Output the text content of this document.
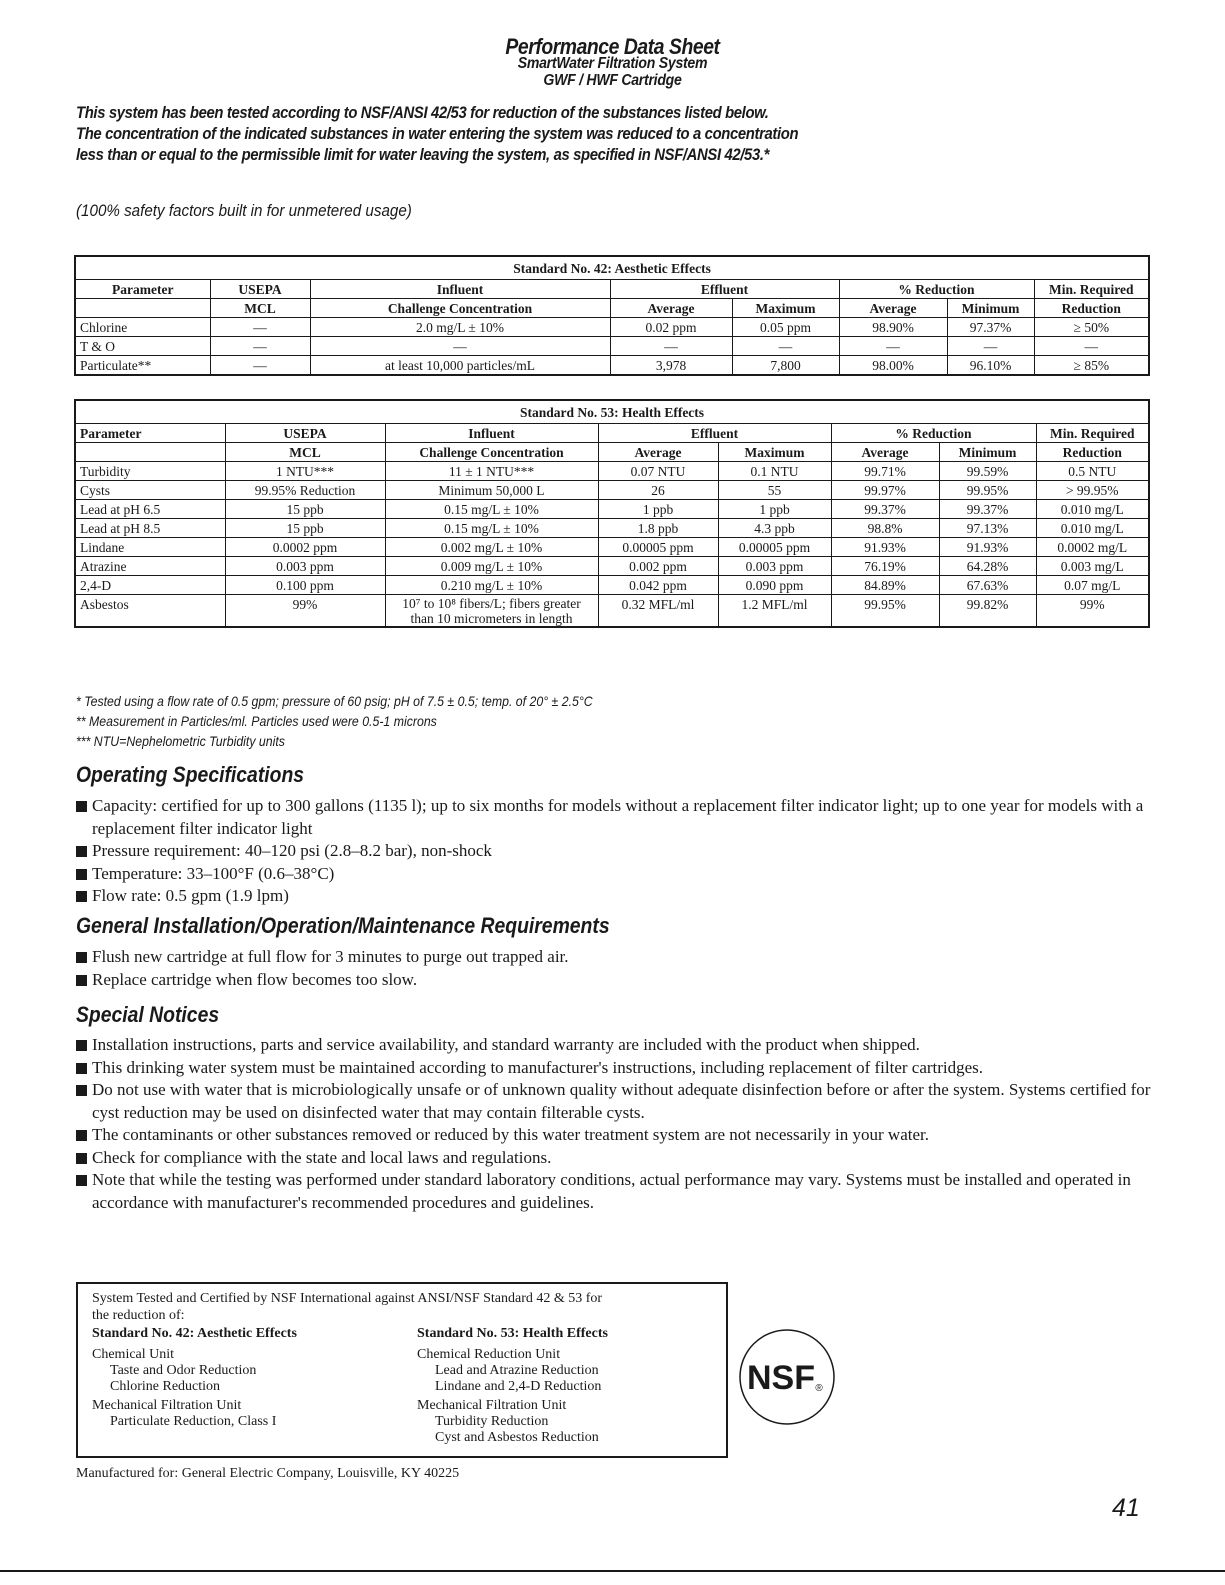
Performance Data Sheet
SmartWater Filtration System
GWF / HWF Cartridge
This system has been tested according to NSF/ANSI 42/53 for reduction of the substances listed below.
The concentration of the indicated substances in water entering the system was reduced to a concentration
less than or equal to the permissible limit for water leaving the system, as specified in NSF/ANSI 42/53.*
(100% safety factors built in for unmetered usage)
Standard No. 42: Aesthetic Effects							
Parameter	USEPA	Influent	Effluent		% Reduction		Min. Required
	MCL	Challenge Concentration	Average	Maximum	Average	Minimum	Reduction
Chlorine	—	2.0 mg/L ± 10%	0.02 ppm	0.05 ppm	98.90%	97.37%	≥ 50%
T & O	—	—	—	—	—	—	—
Particulate**	—	at least 10,000 particles/mL	3,978	7,800	98.00%	96.10%	≥ 85%
Standard No. 53: Health Effects							
Parameter	USEPA	Influent	Effluent		% Reduction		Min. Required
	MCL	Challenge Concentration	Average	Maximum	Average	Minimum	Reduction
Turbidity	1 NTU***	11 ± 1 NTU***	0.07 NTU	0.1 NTU	99.71%	99.59%	0.5 NTU
Cysts	99.95% Reduction	Minimum 50,000 L	26	55	99.97%	99.95%	> 99.95%
Lead at pH 6.5	15 ppb	0.15 mg/L ± 10%	1 ppb	1 ppb	99.37%	99.37%	0.010 mg/L
Lead at pH 8.5	15 ppb	0.15 mg/L ± 10%	1.8 ppb	4.3 ppb	98.8%	97.13%	0.010 mg/L
Lindane	0.0002 ppm	0.002 mg/L ± 10%	0.00005 ppm	0.00005 ppm	91.93%	91.93%	0.0002 mg/L
Atrazine	0.003 ppm	0.009 mg/L ± 10%	0.002 ppm	0.003 ppm	76.19%	64.28%	0.003 mg/L
2,4-D	0.100 ppm	0.210 mg/L ± 10%	0.042 ppm	0.090 ppm	84.89%	67.63%	0.07 mg/L
Asbestos	99%	10⁷ to 10⁸ fibers/L; fibers greater than 10 micrometers in length	0.32 MFL/ml	1.2 MFL/ml	99.95%	99.82%	99%
* Tested using a flow rate of 0.5 gpm; pressure of 60 psig; pH of 7.5 ± 0.5; temp. of 20° ± 2.5°C
** Measurement in Particles/ml. Particles used were 0.5-1 microns
*** NTU=Nephelometric Turbidity units
Operating Specifications
Capacity: certified for up to 300 gallons (1135 l); up to six months for models without a replacement filter indicator light; up to one year for models with a replacement filter indicator light
Pressure requirement: 40–120 psi (2.8–8.2 bar), non-shock
Temperature: 33–100°F (0.6–38°C)
Flow rate: 0.5 gpm (1.9 lpm)
General Installation/Operation/Maintenance Requirements
Flush new cartridge at full flow for 3 minutes to purge out trapped air.
Replace cartridge when flow becomes too slow.
Special Notices
Installation instructions, parts and service availability, and standard warranty are included with the product when shipped.
This drinking water system must be maintained according to manufacturer's instructions, including replacement of filter cartridges.
Do not use with water that is microbiologically unsafe or of unknown quality without adequate disinfection before or after the system. Systems certified for cyst reduction may be used on disinfected water that may contain filterable cysts.
The contaminants or other substances removed or reduced by this water treatment system are not necessarily in your water.
Check for compliance with the state and local laws and regulations.
Note that while the testing was performed under standard laboratory conditions, actual performance may vary. Systems must be installed and operated in accordance with manufacturer's recommended procedures and guidelines.
System Tested and Certified by NSF International against ANSI/NSF Standard 42 & 53 for
the reduction of:
Standard No. 42: Aesthetic Effects
Chemical Unit
Taste and Odor Reduction
Chlorine Reduction
Mechanical Filtration Unit
Particulate Reduction, Class I
Standard No. 53: Health Effects
Chemical Reduction Unit
Lead and Atrazine Reduction
Lindane and 2,4-D Reduction
Mechanical Filtration Unit
Turbidity Reduction
Cyst and Asbestos Reduction
NSF ®
Manufactured for: General Electric Company, Louisville, KY 40225
41
